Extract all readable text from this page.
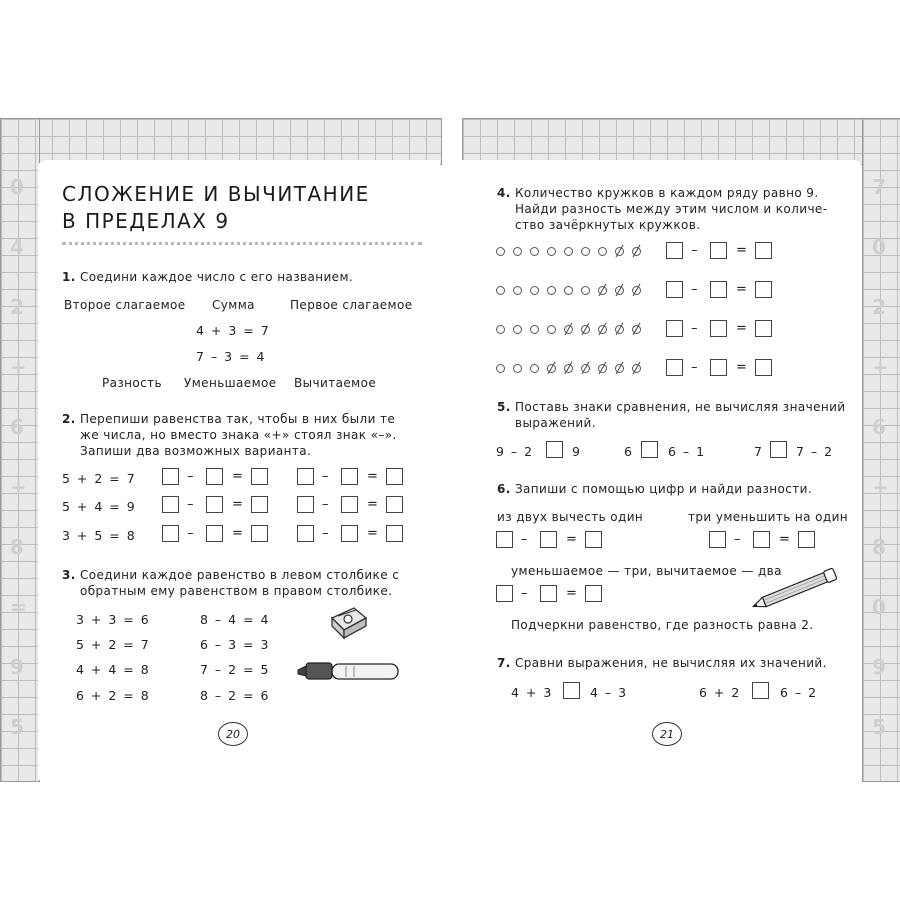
0
4
2
+
6
+
8
=
9
5
7
0
2
+
6
+
8
0
9
5
СЛОЖЕНИЕ И ВЫЧИТАНИЕ
В ПРЕДЕЛАХ 9
1. Соедини каждое число с его названием.
Второе слагаемое Сумма	Первое слагаемое
4 + 3 = 7
7 – 3 = 4
Разность Уменьшаемое Вычитаемое
2. Перепиши равенства так, чтобы в них были те
же числа, но вместо знака «+» стоял знак «–».
Запиши два возможных варианта.
5 + 2 = 7
5 + 4 = 9
3 + 5 = 8
–	=	–	=
–	=	–	=
–	=	–	=
3. Соедини каждое равенство в левом столбике с
обратным ему равенством в правом столбике.
3 + 3 = 6
5 + 2 = 7
4 + 4 = 8
6 + 2 = 8
8 – 4 = 4
6 – 3 = 3
7 – 2 = 5
8 – 2 = 6
20
4. Количество кружков в каждом ряду равно 9.
Найди разность между этим числом и количе-
ство зачёркнутых кружков.
–	=
–	=
–	=
–	=
5. Поставь знаки сравнения, не вычисляя значений
выражений.
9 – 2	9	6	6 – 1	7	7 – 2
6. Запиши с помощью цифр и найди разности.
из двух вычесть один	три уменьшить на один
уменьшаемое — три, вычитаемое — два
–	=	–	=
–	=
Подчеркни равенство, где разность равна 2.
7. Сравни выражения, не вычисляя их значений.
4 + 3	4 – 3	6 + 2	6 – 2
21
